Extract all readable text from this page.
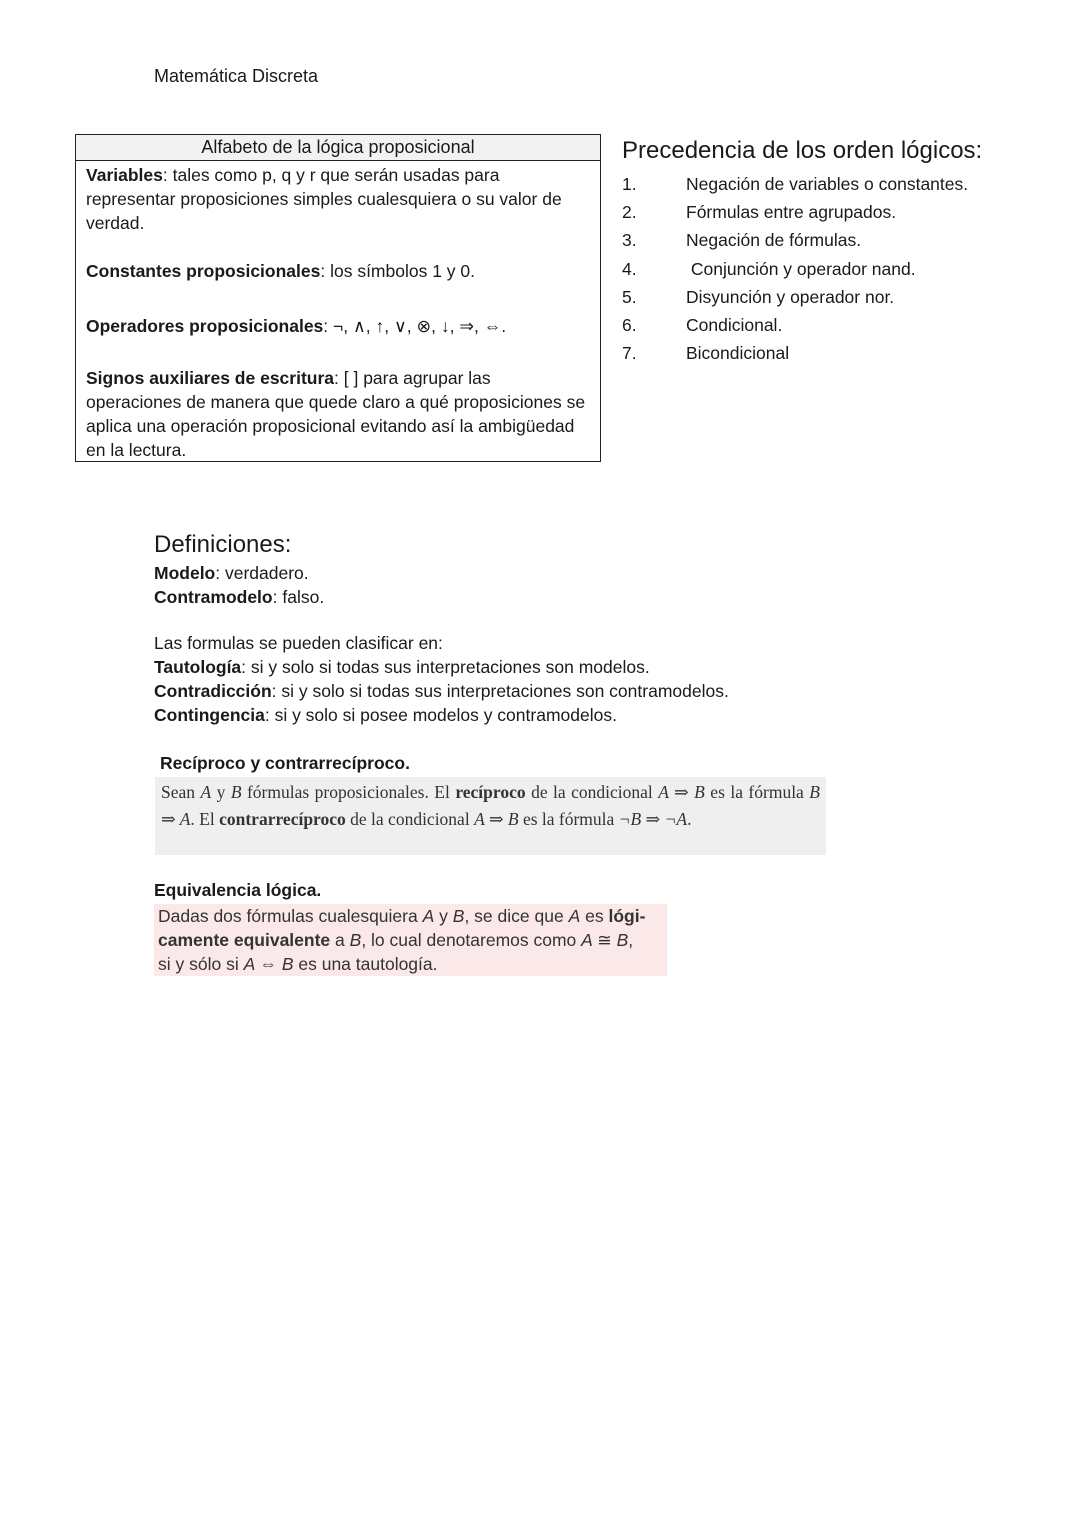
Matemática Discreta
Alfabeto de la lógica proposicional

Variables: tales como p, q y r que serán usadas para representar proposiciones simples cualesquiera o su valor de verdad.

Constantes proposicionales: los símbolos 1 y 0.

Operadores proposicionales: ¬, ∧, ↑, ∨, ⊗, ↓, ⇒, ⇔.

Signos auxiliares de escritura: [ ] para agrupar las operaciones de manera que quede claro a qué proposiciones se aplica una operación proposicional evitando así la ambigüedad en la lectura.

Precedencia de los orden lógicos:
1.	Negación de variables o constantes.
2.	Fórmulas entre agrupados.
3.	Negación de fórmulas.
4.	Conjunción y operador nand.
5.	Disyunción y operador nor.
6.	Condicional.
7.	Bicondicional
Definiciones:
Modelo: verdadero.
Contramodelo: falso.
Las formulas se pueden clasificar en:
Tautología: si y solo si todas sus interpretaciones son modelos.
Contradicción: si y solo si todas sus interpretaciones son contramodelos.
Contingencia: si y solo si posee modelos y contramodelos.
Recíproco y contrarrecíproco.
Sean A y B fórmulas proposicionales. El recíproco de la condicional A ⇒ B es la fórmula B ⇒ A. El contrarrecíproco de la condicional A ⇒ B es la fórmula ¬B ⇒ ¬A.
Equivalencia lógica.
Dadas dos fórmulas cualesquiera A y B, se dice que A es lógi-
camente equivalente a B, lo cual denotaremos como A ≅ B,
si y sólo si A ⇔ B es una tautología.
